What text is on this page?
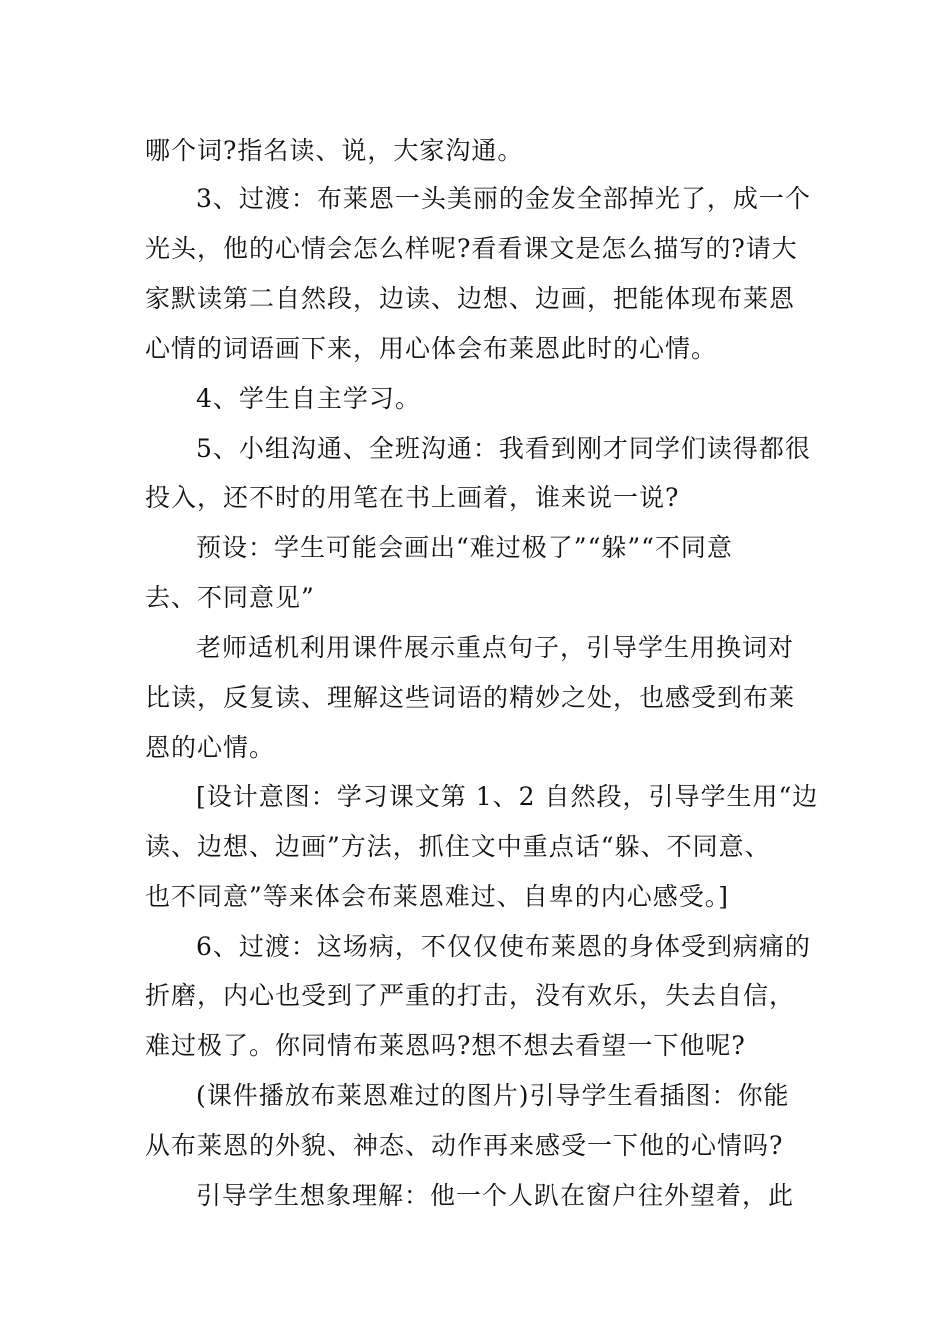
哪个词?指名读、说，大家沟通。
3、过渡：布莱恩一头美丽的金发全部掉光了，成一个
光头，他的心情会怎么样呢?看看课文是怎么描写的?请大
家默读第二自然段，边读、边想、边画，把能体现布莱恩
心情的词语画下来，用心体会布莱恩此时的心情。
4、学生自主学习。
5、小组沟通、全班沟通：我看到刚才同学们读得都很
投入，还不时的用笔在书上画着，谁来说一说?
预设：学生可能会画出“难过极了”“躲”“不同意
去、不同意见”
老师适机利用课件展示重点句子，引导学生用换词对
比读，反复读、理解这些词语的精妙之处，也感受到布莱
恩的心情。
[设计意图：学习课文第 1、2 自然段，引导学生用“边
读、边想、边画”方法，抓住文中重点话“躲、不同意、
也不同意”等来体会布莱恩难过、自卑的内心感受。]
6、过渡：这场病，不仅仅使布莱恩的身体受到病痛的
折磨，内心也受到了严重的打击，没有欢乐，失去自信，
难过极了。你同情布莱恩吗?想不想去看望一下他呢?
(课件播放布莱恩难过的图片)引导学生看插图：你能
从布莱恩的外貌、神态、动作再来感受一下他的心情吗?
引导学生想象理解：他一个人趴在窗户往外望着，此
